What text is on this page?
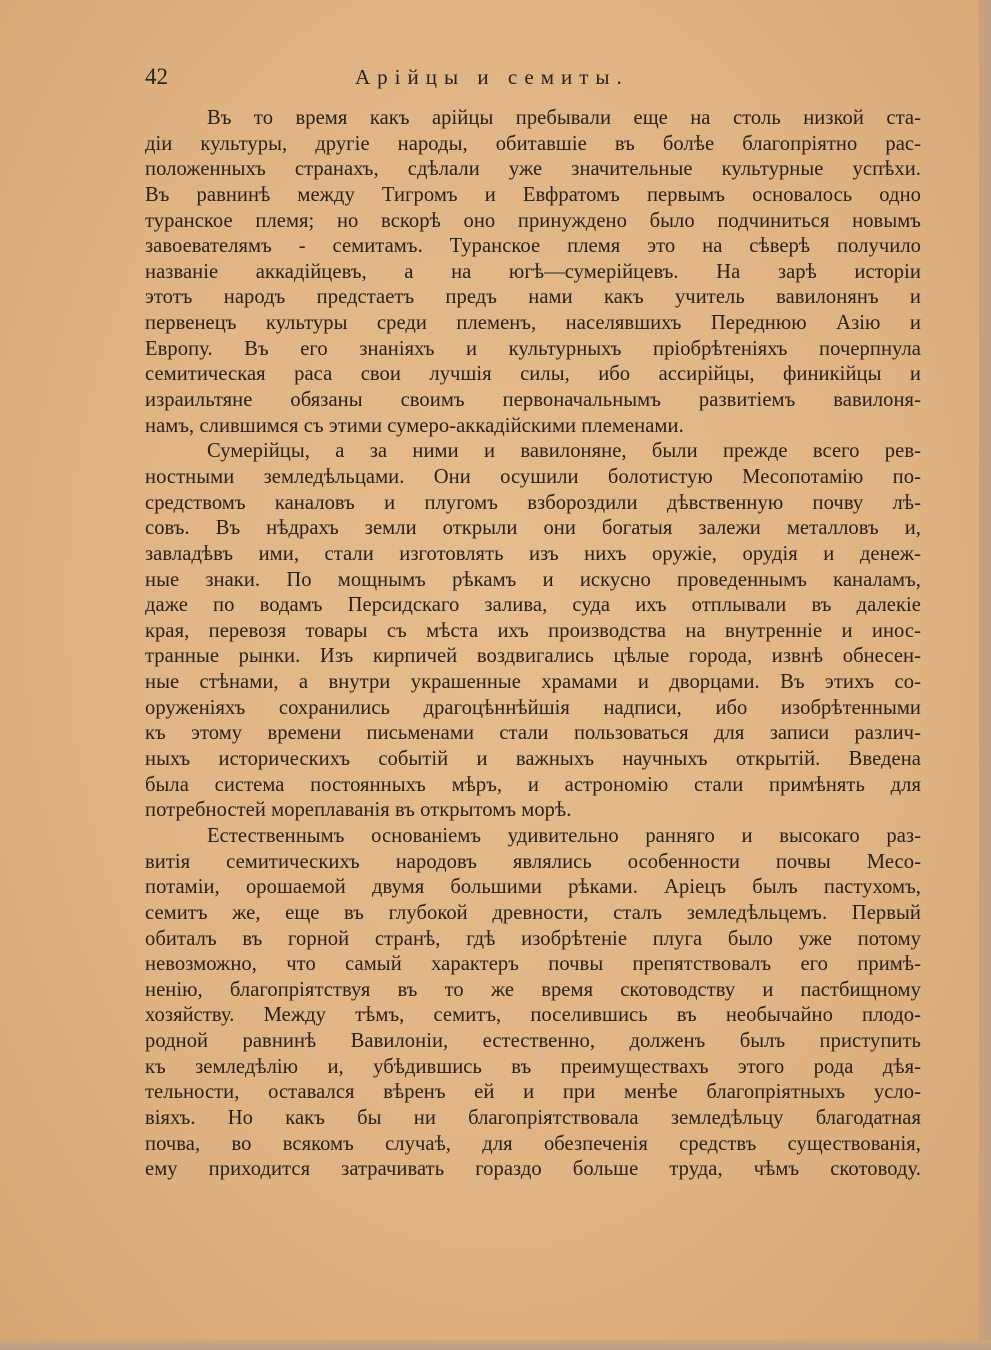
42	Арійцы и семиты.
Въ то время какъ арійцы пребывали еще на столь низкой ста-
діи культуры, другіе народы, обитавшіе въ болѣе благопріятно рас-
положенныхъ странахъ, сдѣлали уже значительные культурные успѣхи.
Въ равнинѣ между Тигромъ и Евфратомъ первымъ основалось одно
туранское племя; но вскорѣ оно принуждено было подчиниться новымъ
завоевателямъ - семитамъ. Туранское племя это на сѣверѣ получило
названіе аккадійцевъ, а на югѣ—сумерійцевъ. На зарѣ исторіи
этотъ народъ предстаетъ предъ нами какъ учитель вавилонянъ и
первенецъ культуры среди племенъ, населявшихъ Переднюю Азію и
Европу. Въ его знаніяхъ и культурныхъ пріобрѣтеніяхъ почерпнула
семитическая раса свои лучшія силы, ибо ассирійцы, финикійцы и
израильтяне обязаны своимъ первоначальнымъ развитіемъ вавилоня-
намъ, слившимся съ этими сумеро-аккадійскими племенами.
Сумерійцы, а за ними и вавилоняне, были прежде всего рев-
ностными земледѣльцами. Они осушили болотистую Месопотамію по-
средствомъ каналовъ и плугомъ взбороздили дѣвственную почву лѣ-
совъ. Въ нѣдрахъ земли открыли они богатыя залежи металловъ и,
завладѣвъ ими, стали изготовлять изъ нихъ оружіе, орудія и денеж-
ные знаки. По мощнымъ рѣкамъ и искусно проведеннымъ каналамъ,
даже по водамъ Персидскаго залива, суда ихъ отплывали въ далекіе
края, перевозя товары съ мѣста ихъ производства на внутренніе и инос-
транные рынки. Изъ кирпичей воздвигались цѣлые города, извнѣ обнесен-
ные стѣнами, а внутри украшенные храмами и дворцами. Въ этихъ со-
оруженіяхъ сохранились драгоцѣннѣйшія надписи, ибо изобрѣтенными
къ этому времени письменами стали пользоваться для записи различ-
ныхъ историческихъ событій и важныхъ научныхъ открытій. Введена
была система постоянныхъ мѣръ, и астрономію стали примѣнять для
потребностей мореплаванія въ открытомъ морѣ.
Естественнымъ основаніемъ удивительно ранняго и высокаго раз-
витія семитическихъ народовъ являлись особенности почвы Месо-
потаміи, орошаемой двумя большими рѣками. Аріецъ былъ пастухомъ,
семитъ же, еще въ глубокой древности, сталъ земледѣльцемъ. Первый
обиталъ въ горной странѣ, гдѣ изобрѣтеніе плуга было уже потому
невозможно, что самый характеръ почвы препятствовалъ его примѣ-
ненію, благопріятствуя въ то же время скотоводству и пастбищному
хозяйству. Между тѣмъ, семитъ, поселившись въ необычайно плодо-
родной равнинѣ Вавилоніи, естественно, долженъ былъ приступить
къ земледѣлію и, убѣдившись въ преимуществахъ этого рода дѣя-
тельности, оставался вѣренъ ей и при менѣе благопріятныхъ усло-
віяхъ. Но какъ бы ни благопріятствовала земледѣльцу благодатная
почва, во всякомъ случаѣ, для обезпеченія средствъ существованія,
ему приходится затрачивать гораздо больше труда, чѣмъ скотоводу.
